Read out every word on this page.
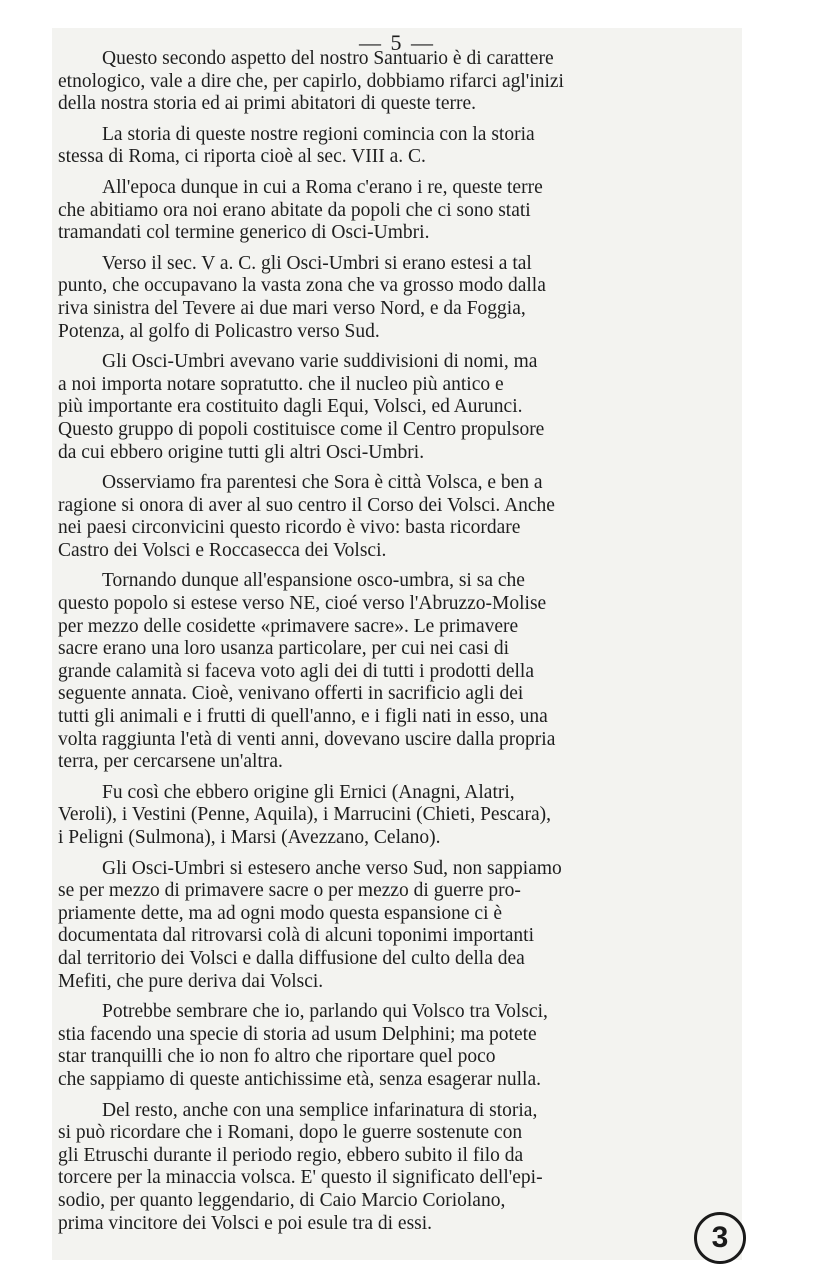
— 5 —
Questo secondo aspetto del nostro Santuario è di carattere
etnologico, vale a dire che, per capirlo, dobbiamo rifarci agl'inizi
della nostra storia ed ai primi abitatori di queste terre.
La storia di queste nostre regioni comincia con la storia
stessa di Roma, ci riporta cioè al sec. VIII a. C.
All'epoca dunque in cui a Roma c'erano i re, queste terre
che abitiamo ora noi erano abitate da popoli che ci sono stati
tramandati col termine generico di Osci-Umbri.
Verso il sec. V a. C. gli Osci-Umbri si erano estesi a tal
punto, che occupavano la vasta zona che va grosso modo dalla
riva sinistra del Tevere ai due mari verso Nord, e da Foggia,
Potenza, al golfo di Policastro verso Sud.
Gli Osci-Umbri avevano varie suddivisioni di nomi, ma
a noi importa notare sopratutto. che il nucleo più antico e
più importante era costituito dagli Equi, Volsci, ed Aurunci.
Questo gruppo di popoli costituisce come il Centro propulsore
da cui ebbero origine tutti gli altri Osci-Umbri.
Osserviamo fra parentesi che Sora è città Volsca, e ben a
ragione si onora di aver al suo centro il Corso dei Volsci. Anche
nei paesi circonvicini questo ricordo è vivo: basta ricordare
Castro dei Volsci e Roccasecca dei Volsci.
Tornando dunque all'espansione osco-umbra, si sa che
questo popolo si estese verso NE, cioé verso l'Abruzzo-Molise
per mezzo delle cosidette «primavere sacre». Le primavere
sacre erano una loro usanza particolare, per cui nei casi di
grande calamità si faceva voto agli dei di tutti i prodotti della
seguente annata. Cioè, venivano offerti in sacrificio agli dei
tutti gli animali e i frutti di quell'anno, e i figli nati in esso, una
volta raggiunta l'età di venti anni, dovevano uscire dalla propria
terra, per cercarsene un'altra.
Fu così che ebbero origine gli Ernici (Anagni, Alatri,
Veroli), i Vestini (Penne, Aquila), i Marrucini (Chieti, Pescara),
i Peligni (Sulmona), i Marsi (Avezzano, Celano).
Gli Osci-Umbri si estesero anche verso Sud, non sappiamo
se per mezzo di primavere sacre o per mezzo di guerre pro-
priamente dette, ma ad ogni modo questa espansione ci è
documentata dal ritrovarsi colà di alcuni toponimi importanti
dal territorio dei Volsci e dalla diffusione del culto della dea
Mefiti, che pure deriva dai Volsci.
Potrebbe sembrare che io, parlando qui Volsco tra Volsci,
stia facendo una specie di storia ad usum Delphini; ma potete
star tranquilli che io non fo altro che riportare quel poco
che sappiamo di queste antichissime età, senza esagerar nulla.
Del resto, anche con una semplice infarinatura di storia,
si può ricordare che i Romani, dopo le guerre sostenute con
gli Etruschi durante il periodo regio, ebbero subito il filo da
torcere per la minaccia volsca. E' questo il significato dell'epi-
sodio, per quanto leggendario, di Caio Marcio Coriolano,
prima vincitore dei Volsci e poi esule tra di essi.	3
